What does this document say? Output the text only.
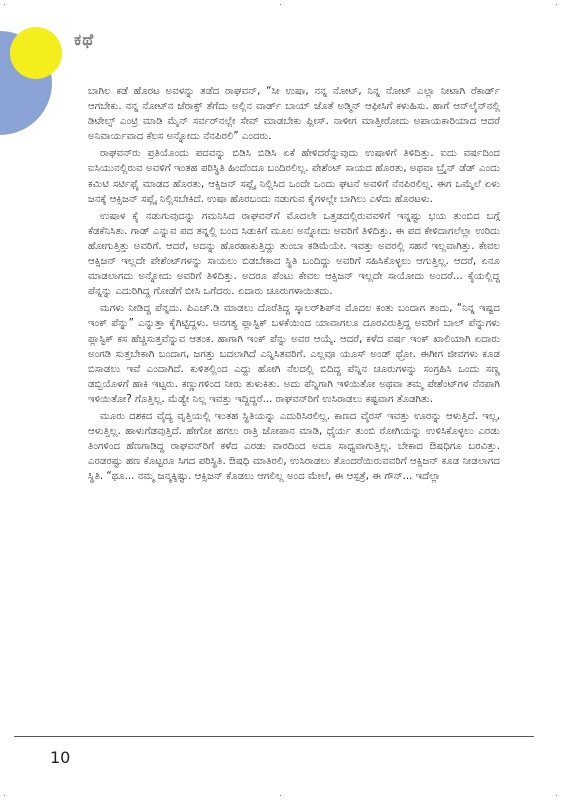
ಕಥೆ

ಬಾಗಿಲ ಕಡೆ ಹೊರಟ ಅವಳನ್ನು ತಡೆದ ರಾಘವನ್, “ಸೀ ಉಷಾ, ನನ್ನ ನೋಟ್, ನಿನ್ನ ನೋಟ್ ಎಲ್ಲಾ ನೀಟಾಗಿ ರೆಕಾರ್ಡ್ ಆಗಬೇಕು. ನನ್ನ ನೋಟ್‌ನ ಜೆರಾಕ್ಸ್ ತೆಗೆದು ಅಲ್ಲಿನ ವಾರ್ಡ್ ಬಾಯ್ ಜೊತೆ ಅಡ್ಮಿನ್ ಆಫೀಸಿಗೆ ಕಳುಹಿಸು. ಹಾಗೆ ಆನ್‌ಲೈನ್‌ನಲ್ಲಿ ಡಿಟೇಲ್ಸ್ ಎಂಟ್ರಿ ಮಾಡಿ ಮೈನ್ ಸರ್ವರ್‌ನಲ್ಲೇ ಸೇವ್ ಮಾಡಬೇಕು ಪ್ಲೀಸ್. ನಾಳೀಗ ಮಾತ್ತೀರೋದು ಅಪಾಯಕಾರಿಯಾದ ಆದರೆ ಅನಿವಾರ್ಯವಾದ ಕೆಲಸ ಅನ್ನೋದು ನೆನಪಿರಲಿ” ಎಂದರು.

ರಾಘವನ್‌ರು ಪ್ರತಿಯೊಂದು ಪದವನ್ನು ಬಿಡಿಸಿ ಬಿಡಿಸಿ ಏಕೆ ಹೇಳಿದರೆನ್ನುವುದು ಉಷಾಳಿಗೆ ತಿಳಿದಿತ್ತು. ಐದು ವರ್ಷದಿಂದ ಐಸಿಯುನಲ್ಲಿರುವ ಅವಳಿಗೆ ಇಂತಹ ಪರಿಸ್ಥಿತಿ ಹಿಂದೆಂದೂ ಬಂದಿರಲಿಲ್ಲ. ಪೇಶೆಂಟ್ ಸಾಯದ ಹೊರತು, ಅಥವಾ ಬ್ರೈನ್ ಡೆಡ್ ಎಂದು ಕಮಿಟಿ ಸರ್ಟಿಫೈ ಮಾಡದ ಹೊರತು, ಆಕ್ಸಿಜನ್ ಸಪ್ಲೈ ನಿಲ್ಲಿಸಿದ ಒಂದೇ ಒಂದು ಘಟನೆ ಅವಳಿಗೆ ನೆನಪಿರಲಿಲ್ಲ. ಈಗ ಒಮ್ಮೆಲೆ ಏಳು ಜನಕ್ಕೆ ಆಕ್ಸಿಜನ್ ಸಪ್ಲೈ ನಿಲ್ಲಿಸಬೇಕಿದೆ. ಉಷಾ ಹೊರಬಂದು ನಡುಗುವ ಕೈಗಳಲ್ಲೇ ಬಾಗಿಲು ಎಳೆದು ಹೊರಟಳು.

ಉಷಾಳ ಕೈ ನಡುಗುವುದನ್ನು ಗಮನಿಸಿದ ರಾಘವನ್‌ಗೆ ಮೊದಲೇ ಒತ್ತಡದಲ್ಲಿರುವವಳಿಗೆ ಇನ್ನಷ್ಟು ಭಯ ತುಂಬಿದ ಬಗ್ಗೆ ಕೆಡಕೆನಿಸಿತು. ಗಾಡ್ ಎನ್ನುವ ಪದ ತನ್ನಲ್ಲಿ ಬಂದ ಸಿಡುಕಿಗೆ ಮೂಲ ಅನ್ನೋದು ಅವರಿಗೆ ತಿಳಿದಿತ್ತು. ಈ ಪದ ಕೇಳಿದಾಗಲೆಲ್ಲಾ ಉರಿದು ಹೋಗುತ್ತಿತ್ತು ಅವರಿಗೆ. ಆದರೆ, ಅದನ್ನು ಹೊರಹಾಕುತ್ತಿದ್ದು ತುಂಬಾ ಕಡಿಮೆಯೇ. ಇವತ್ತು ಅವರಲ್ಲಿ ಸಹನೆ ಇಲ್ಲವಾಗಿತ್ತು. ಕೇವಲ ಆಕ್ಸಿಜನ್ ಇಲ್ಲದೇ ಪೇಶೆಂಟ್‌ಗಳನ್ನು ಸಾಯಲು ಬಿಡಬೇಕಾದ ಸ್ಥಿತಿ ಬಂದಿದ್ದು ಅವರಿಗೆ ಸಹಿಸಿಕೊಳ್ಳಲು ಆಗುತ್ತಿಲ್ಲ. ಆದರೆ, ಏನೂ ಮಾಡಲಾಗದು ಅನ್ನೋದು ಅವರಿಗೆ ತಿಳಿದಿತ್ತು. ಅದರೂ ಪೆಂಟು ಕೇವಲ ಆಕ್ಸಿಜನ್ ಇಲ್ಲದೇ ಸಾಯೋದು ಅಂದರೆ... ಕೈಯಲ್ಲಿದ್ದ ಪೆನ್ನನ್ನು ಎದುರಿಗಿದ್ದ ಗೋಡೆಗೆ ಬೀಸಿ ಒಗೆದರು. ಏದಾರು ಚೂರುಗಳಾಯಿತದು.

ಮಗಳು ನೀಡಿದ್ದ ಪೆನ್ನದು. ಪಿಎಚ್.ಡಿ ಮಾಡಲು ದೊರೆತಿದ್ದ ಸ್ಕಾಲರ್‌ಶಿಪ್‌ನ ಮೊದಲ ಕಂತು ಬಂದಾಗ ತಂದು, “ನಿನ್ನ ಇಷ್ಟದ ಇಂಕ್ ಪೆನ್ನು” ಎನ್ನುತ್ತಾ ಕೈಗಿಟ್ಟಿದ್ದಳು. ಅನಗತ್ಯ ಪ್ಲಾಸ್ಟಿಕ್ ಬಳಕೆಯಿಂದ ಯಾವಾಗಲೂ ದೂರವಿರುತ್ತಿದ್ದ ಅವರಿಗೆ ಬಾಲ್ ಪೆನ್ನುಗಳು ಪ್ಲಾಸ್ಟಿಕ್ ಕಸ ಹೆಚ್ಚಿಸುತ್ತವೆನ್ನುವ ಆತಂಕ. ಹಾಗಾಗಿ ಇಂಕ್ ಪೆನ್ನು ಅವರ ಆಯ್ಕೆ. ಆದರೆ, ಕಳೆದ ವರ್ಷ ಇಂಕ್ ಖಾಲಿಯಾಗಿ ಏದಾರು ಅಂಗಡಿ ಸುತ್ತಬೇಕಾಗಿ ಬಂದಾಗ, ಜಗತ್ತು ಬದಲಾಗಿದೆ ಎನ್ನಿಸಿತವರಿಗೆ. ಎಲ್ಲವೂ ಯೂಸ್ ಅಂಡ್ ಥ್ರೋ. ಈಗೀಗ ಜೀವಗಳು ಕೂಡ ಬಿಸಾಡಲು ಇವೆ ಎಂದಾಗಿದೆ. ಕುಳಿತಲ್ಲಿಂದ ಎದ್ದು ಹೋಗಿ ನೆಲದಲ್ಲಿ ಬಿದಿದ್ದ ಪೆನ್ನಿನ ಚೂರುಗಳನ್ನು ಸಂಗ್ರಹಿಸಿ ಒಂದು ಸಣ್ಣ ಡಬ್ಬಿಯೊಳಗೆ ಹಾಕಿ ಇಟ್ಟರು. ಕಣ್ಣುಗಳಿಂದ ನೀರು ತುಳುಕಿತು. ಅದು ಪೆನ್ನಿಗಾಗಿ ಇಳಿಯಿತೋ ಅಥವಾ ತಮ್ಮ ಪೇಶೆಂಟ್‌ಗಳ ನೆನಪಾಗಿ ಇಳಿಯಿತೋ? ಗೊತ್ತಿಲ್ಲ. ಮೆಡ್ಯೇ ನಿಲ್ಲ ಇವತ್ತು ಇದ್ದಿದ್ದರೆ... ರಾಘವನ್‌ರಿಗೆ ಉಸಿರಾಡಲು ಕಷ್ಟವಾಗ ತೊಡಗಿತು.

ಮೂರು ದಶಕದ ವೈದ್ಯ ವೃತ್ತಿಯಲ್ಲಿ ಇಂತಹ ಸ್ಥಿತಿಯನ್ನು ಎದುರಿಸಿರಲಿಲ್ಲ. ಕಾಣದ ವೈರಸ್ ಇವತ್ತು ಊರನ್ನು ಆಳುತ್ತಿದೆ. ಇಲ್ಲ, ಆಳುತ್ತಿಲ್ಲ. ಹಾಳುಗೆಡವುತ್ತಿದೆ. ಹೇಗೋ ಹಗಲು ರಾತ್ರಿ ಜೋಪಾನ ಮಾಡಿ, ಧೈರ್ಯ ತುಂಬಿ ರೋಗಿಯನ್ನು ಉಳಿಸಿಕೊಳ್ಳಲು ಎರಡು ತಿಂಗಳಿಂದ ಹೆಣಗಾಡಿದ್ದ ರಾಘವನ್‌ರಿಗೆ ಕಳೆದ ಎರಡು ವಾರದಿಂದ ಅದೂ ಸಾಧ್ಯವಾಗುತ್ತಿಲ್ಲ. ಬೇಕಾದ ಔಷಧಿಗೂ ಬರವಿತ್ತು. ಎರಡರಷ್ಟು ಹಣ ಕೊಟ್ಟರೂ ಸಿಗದ ಪರಿಸ್ಥಿತಿ. ಔಷಧಿ ಮಾತಿರಲಿ, ಉಸಿರಾಡಲು ತೊಂದರೆಯಿರುವವರಿಗೆ ಆಕ್ಸಿಜನ್ ಕೂಡ ನೀಡಲಾಗದ ಸ್ಥಿತಿ. “ಥೂ... ನಮ್ಮ ಜನ್ಮಕ್ಕಿಷ್ಟು. ಆಕ್ಸಿಜನ್ ಕೊಡಲು ಆಗಲಿಲ್ಲ ಅಂದ ಮೇಲೆ, ಈ ಆಸ್ಪತ್ರೆ, ಈ ಗೌನ್... ಇದೆಲ್ಲಾ

10
